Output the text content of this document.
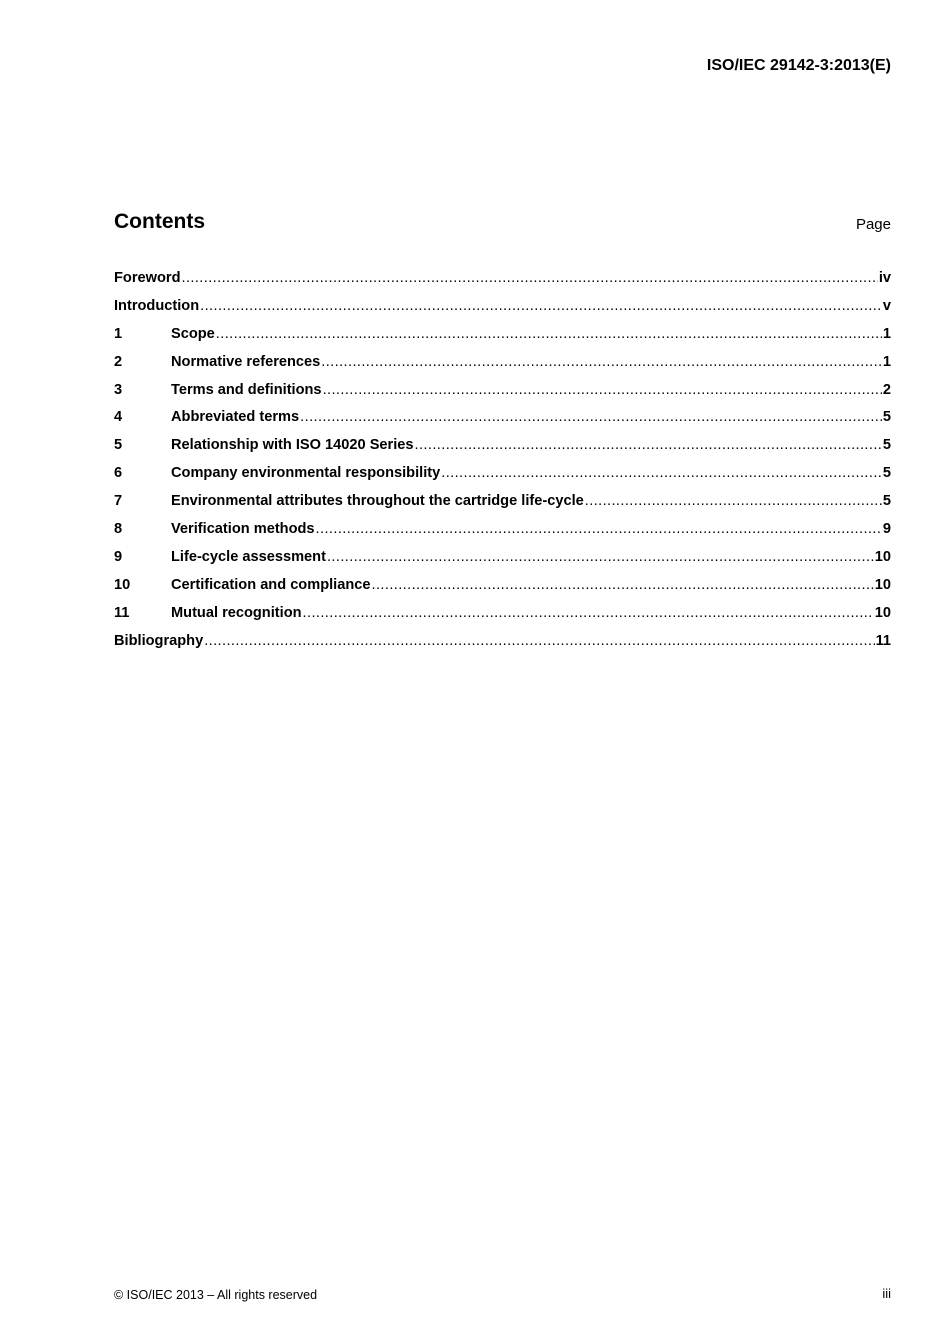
ISO/IEC 29142-3:2013(E)
Contents	Page
Foreword .....	iv
Introduction .....	v
1	Scope .....	1
2	Normative references .....	1
3	Terms and definitions .....	2
4	Abbreviated terms .....	5
5	Relationship with ISO 14020 Series .....	5
6	Company environmental responsibility .....	5
7	Environmental attributes throughout the cartridge life-cycle .....	5
8	Verification methods .....	9
9	Life-cycle assessment .....	10
10	Certification and compliance .....	10
11	Mutual recognition .....	10
Bibliography .....	11
© ISO/IEC 2013 – All rights reserved	iii
